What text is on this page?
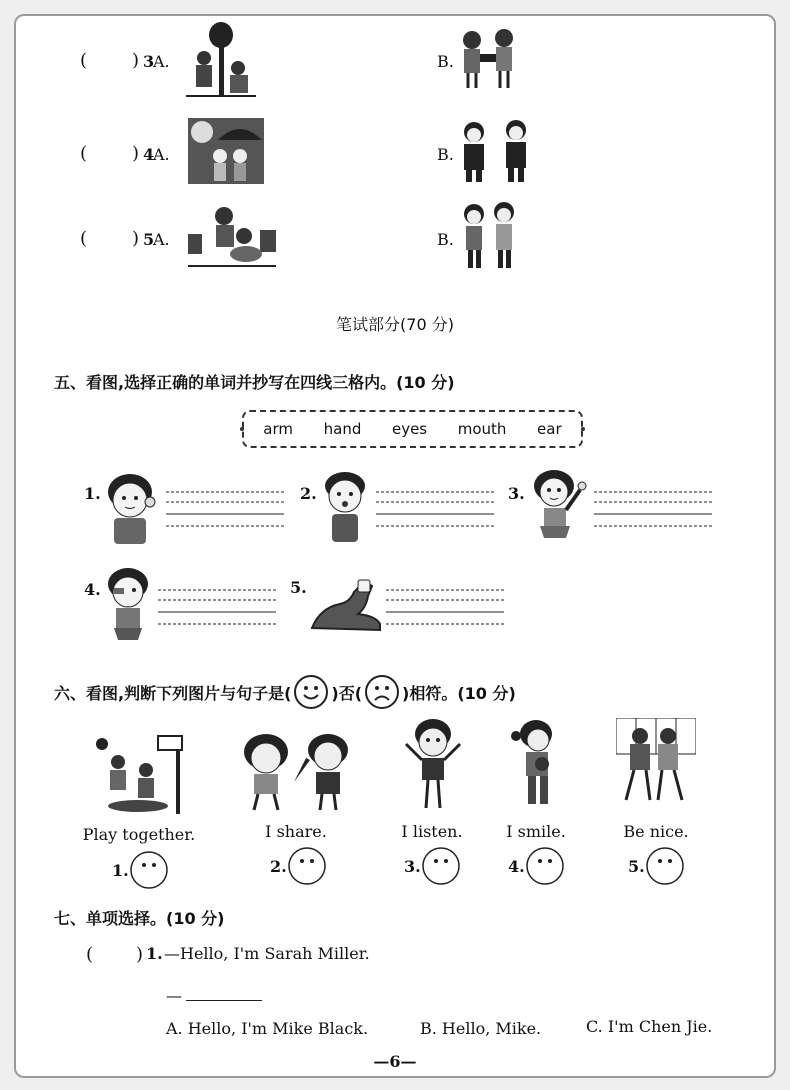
( ) 3
A.	B.
( ) 4
A.	B.
( ) 5
A.	B.
笔试部分(70 分)
五、看图,选择正确的单词并抄写在四线三格内。(10 分)
arm hand eyes mouth ear
1.	2.	3.
4.	5.
六、看图,判断下列图片与句子是(	)否(	)相符。(10 分)
Play together.	I share.	I listen.	I smile.	Be nice.
1.	2.	3.	4.	5.
七、单项选择。(10 分)
( ) 1. —Hello, I'm Sarah Miller.
—
A. Hello, I'm Mike Black.	B. Hello, Mike.	C. I'm Chen Jie.
—6—
